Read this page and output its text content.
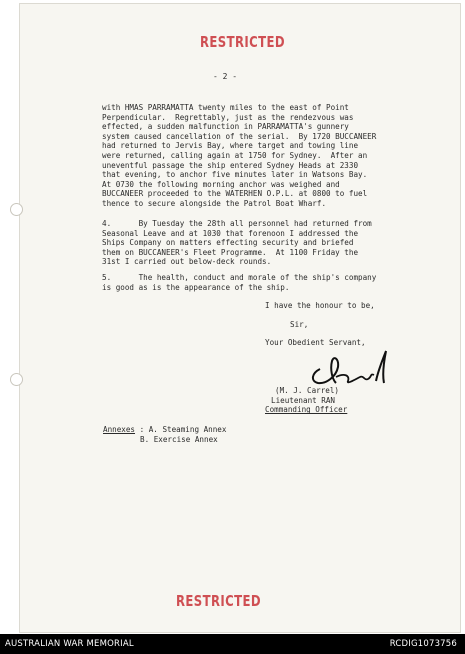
RESTRICTED
- 2 -
with HMAS PARRAMATTA twenty miles to the east of Point
Perpendicular.  Regrettably, just as the rendezvous was
effected, a sudden malfunction in PARRAMATTA's gunnery
system caused cancellation of the serial.  By 1720 BUCCANEER
had returned to Jervis Bay, where target and towing line
were returned, calling again at 1750 for Sydney.  After an
uneventful passage the ship entered Sydney Heads at 2330
that evening, to anchor five minutes later in Watsons Bay.
At 0730 the following morning anchor was weighed and
BUCCANEER proceeded to the WATERHEN O.P.L. at 0800 to fuel
thence to secure alongside the Patrol Boat Wharf.
4.      By Tuesday the 28th all personnel had returned from
Seasonal Leave and at 1030 that forenoon I addressed the
Ships Company on matters effecting security and briefed
them on BUCCANEER's Fleet Programme.  At 1100 Friday the
31st I carried out below-deck rounds.
5.      The health, conduct and morale of the ship's company
is good as is the appearance of the ship.
I have the honour to be,
Sir,
Your Obedient Servant,
(M. J. Carrel)
Lieutenant RAN
Commanding Officer
Annexes : A. Steaming Annex
B. Exercise Annex
RESTRICTED
AUSTRALIAN WAR MEMORIAL	RCDIG1073756
